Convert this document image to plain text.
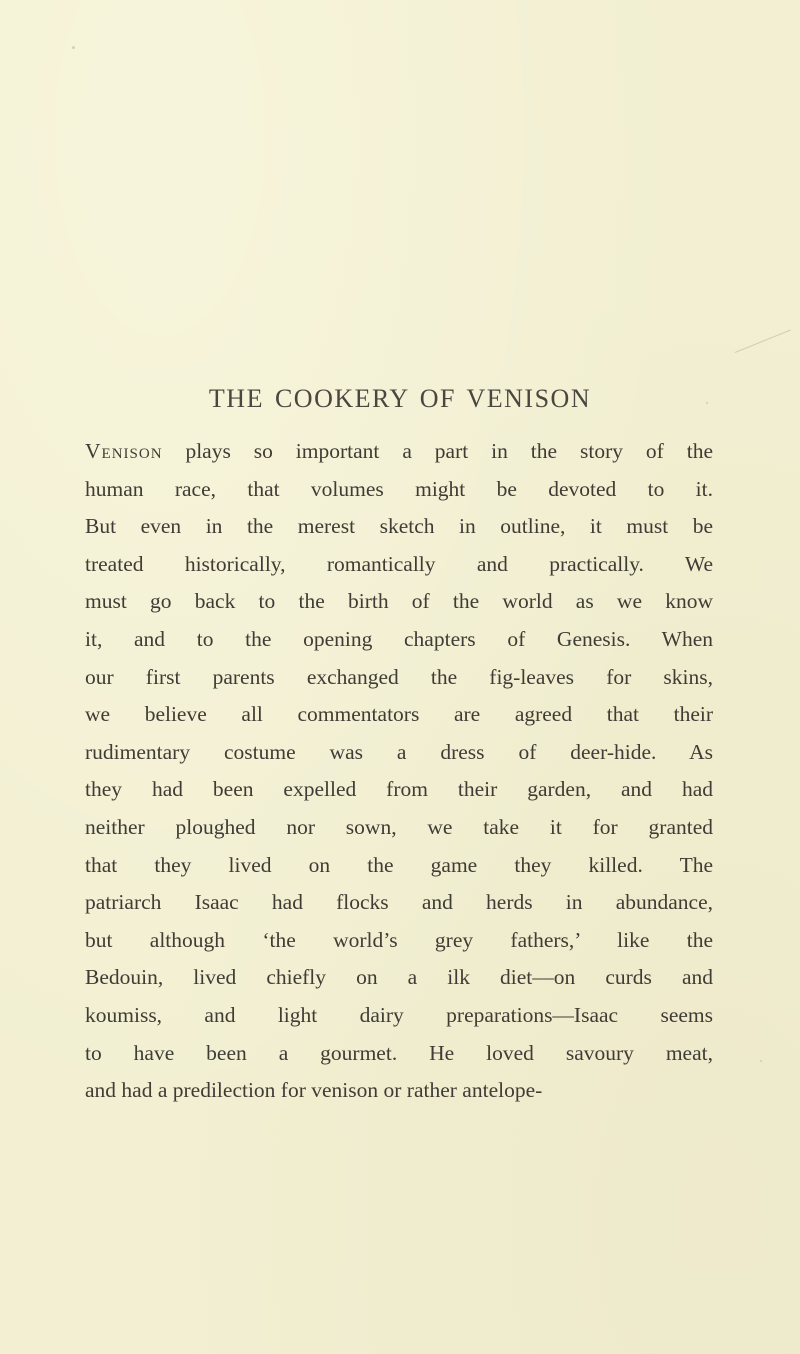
THE COOKERY OF VENISON
Venison plays so important a part in the story of the
human race, that volumes might be devoted to it.
But even in the merest sketch in outline, it must be
treated historically, romantically and practically. We
must go back to the birth of the world as we know
it, and to the opening chapters of Genesis. When
our first parents exchanged the fig-leaves for skins,
we believe all commentators are agreed that their
rudimentary costume was a dress of deer-hide. As
they had been expelled from their garden, and had
neither ploughed nor sown, we take it for granted
that they lived on the game they killed. The
patriarch Isaac had flocks and herds in abundance,
but although ‘the world’s grey fathers,’ like the
Bedouin, lived chiefly on a ilk diet—on curds and
koumiss, and light dairy preparations—Isaac seems
to have been a gourmet. He loved savoury meat,
and had a predilection for venison or rather antelope-
